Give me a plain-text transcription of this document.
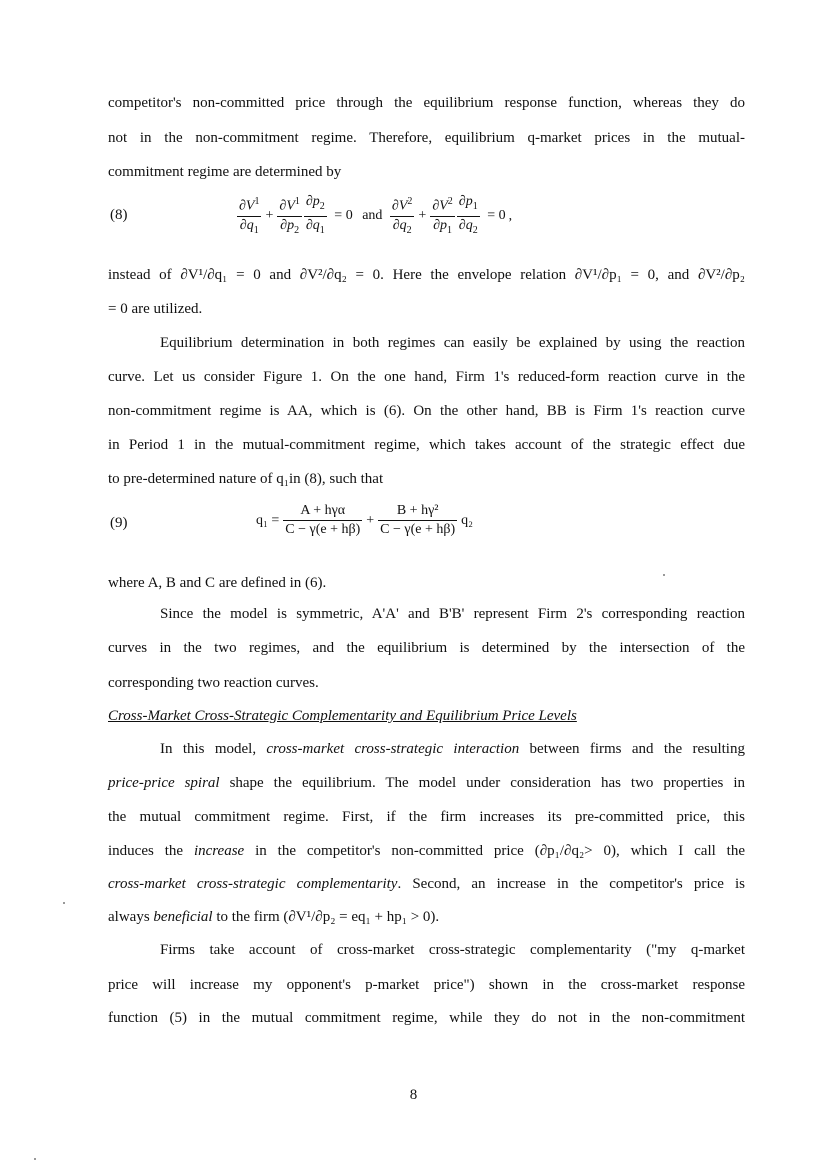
competitor's non-committed price through the equilibrium response function, whereas they do
not in the non-commitment regime. Therefore, equilibrium q-market prices in the mutual-
commitment regime are determined by
(8)	$\frac{\partial V^1}{\partial q_1} + \frac{\partial V^1}{\partial p_2} \frac{\partial p_2}{\partial q_1} = 0$ and $\frac{\partial V^2}{\partial q_2} + \frac{\partial V^2}{\partial p_1} \frac{\partial p_1}{\partial q_2} = 0$ ,
instead of ∂V¹/∂q₁ = 0 and ∂V²/∂q₂ = 0. Here the envelope relation ∂V¹/∂p₁ = 0, and ∂V²/∂p₂
= 0 are utilized.
Equilibrium determination in both regimes can easily be explained by using the reaction
curve. Let us consider Figure 1. On the one hand, Firm 1's reduced-form reaction curve in the
non-commitment regime is AA, which is (6). On the other hand, BB is Firm 1's reaction curve
in Period 1 in the mutual-commitment regime, which takes account of the strategic effect due
to pre-determined nature of q₁in (8), such that
(9)	$q_1 = \frac{\text{A + hγα}}{C - \gamma(e + h\beta)} + \frac{\text{B + hγ²}}{C - \gamma(e + h\beta)} q_2$
where A, B and C are defined in (6).
Since the model is symmetric, A'A' and B'B' represent Firm 2's corresponding reaction
curves in the two regimes, and the equilibrium is determined by the intersection of the
corresponding two reaction curves.
Cross-Market Cross-Strategic Complementarity and Equilibrium Price Levels
In this model, cross-market cross-strategic interaction between firms and the resulting
price-price spiral shape the equilibrium. The model under consideration has two properties in
the mutual commitment regime. First, if the firm increases its pre-committed price, this
induces the increase in the competitor's non-committed price (∂p₁/∂q₂> 0), which I call the
cross-market cross-strategic complementarity. Second, an increase in the competitor's price is
always beneficial to the firm (∂V¹/∂p₂ = eq₁ + hp₁ > 0).
Firms take account of cross-market cross-strategic complementarity ("my q-market
price will increase my opponent's p-market price") shown in the cross-market response
function (5) in the mutual commitment regime, while they do not in the non-commitment
8
